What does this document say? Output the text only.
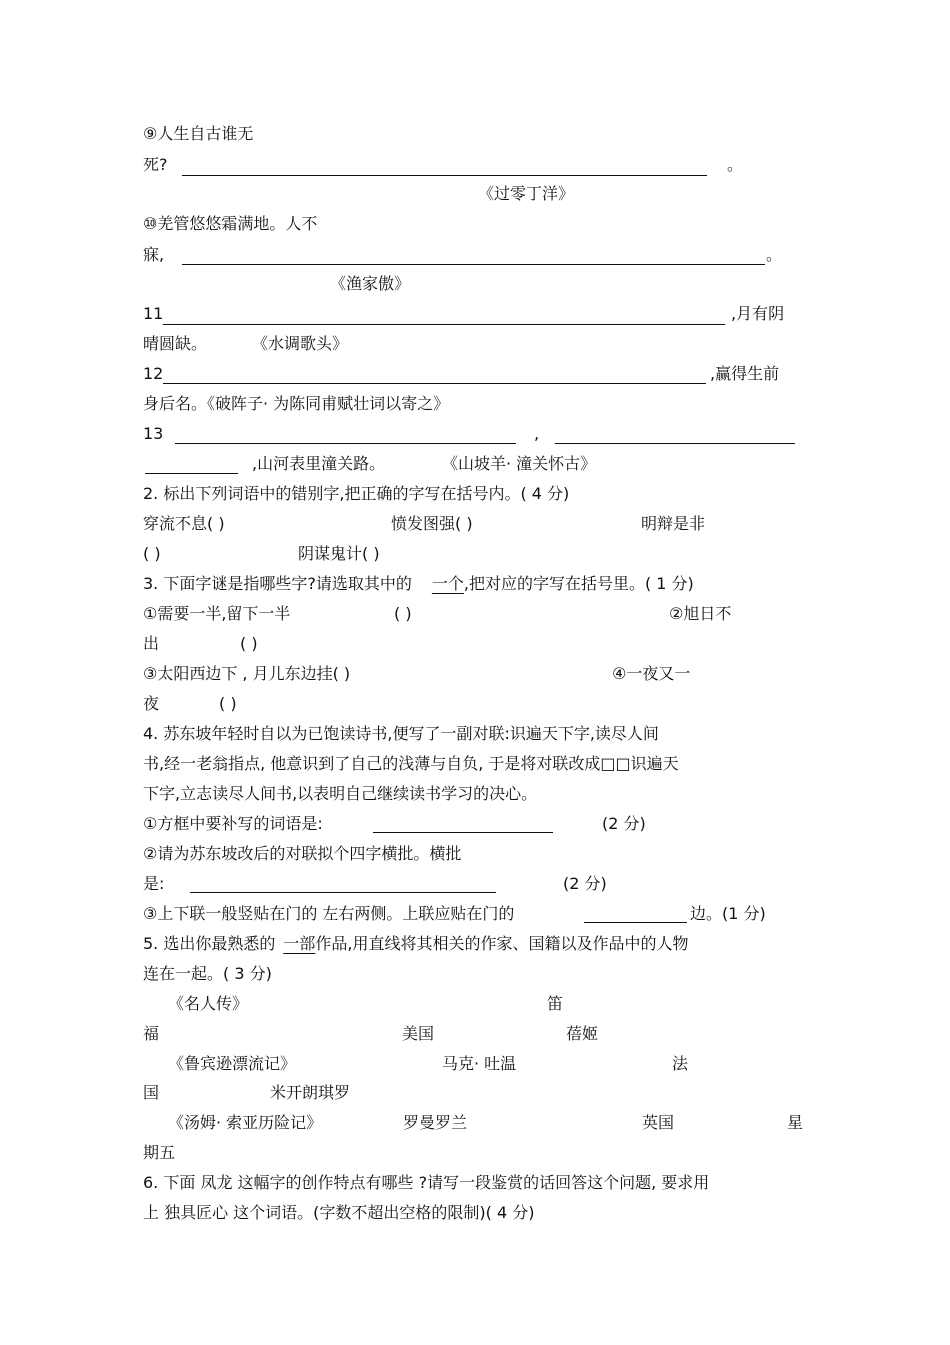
⑨人生自古谁无
死?	。
《过零丁洋》
⑩羌管悠悠霜满地。人不
寐,	。
《渔家傲》
11	,月有阴
晴圆缺。	《水调歌头》
12	,赢得生前
身后名。《破阵子· 为陈同甫赋壮词以寄之》
13	,
,山河表里潼关路。	《山坡羊· 潼关怀古》
2. 标出下列词语中的错别字,把正确的字写在括号内。( 4 分)
穿流不息( )	愤发图强( )	明辩是非
( )	阴谋鬼计( )
3. 下面字谜是指哪些字?请选取其中的 一个,把对应的字写在括号里。( 1 分)
①需要一半,留下一半	( )	②旭日不
出	( )
③太阳西边下 , 月儿东边挂( )	④一夜又一
夜	( )
4. 苏东坡年轻时自以为已饱读诗书,便写了一副对联:识遍天下字,读尽人间
书,经一老翁指点, 他意识到了自己的浅薄与自负, 于是将对联改成□□识遍天
下字,立志读尽人间书,以表明自己继续读书学习的决心。
①方框中要补写的词语是:	(2 分)
②请为苏东坡改后的对联拟个四字横批。横批
是:	(2 分)
③上下联一般竖贴在门的 左右两侧。上联应贴在门的	边。(1 分)
5. 选出你最熟悉的 一部作品,用直线将其相关的作家、国籍以及作品中的人物
连在一起。( 3 分)
《名人传》	笛
福	美国	蓓姬
《鲁宾逊漂流记》	马克· 吐温	法
国	米开朗琪罗
《汤姆· 索亚历险记》	罗曼罗兰	英国	星
期五
6. 下面 凤龙 这幅字的创作特点有哪些 ?请写一段鉴赏的话回答这个问题, 要求用
上 独具匠心 这个词语。(字数不超出空格的限制)( 4 分)
